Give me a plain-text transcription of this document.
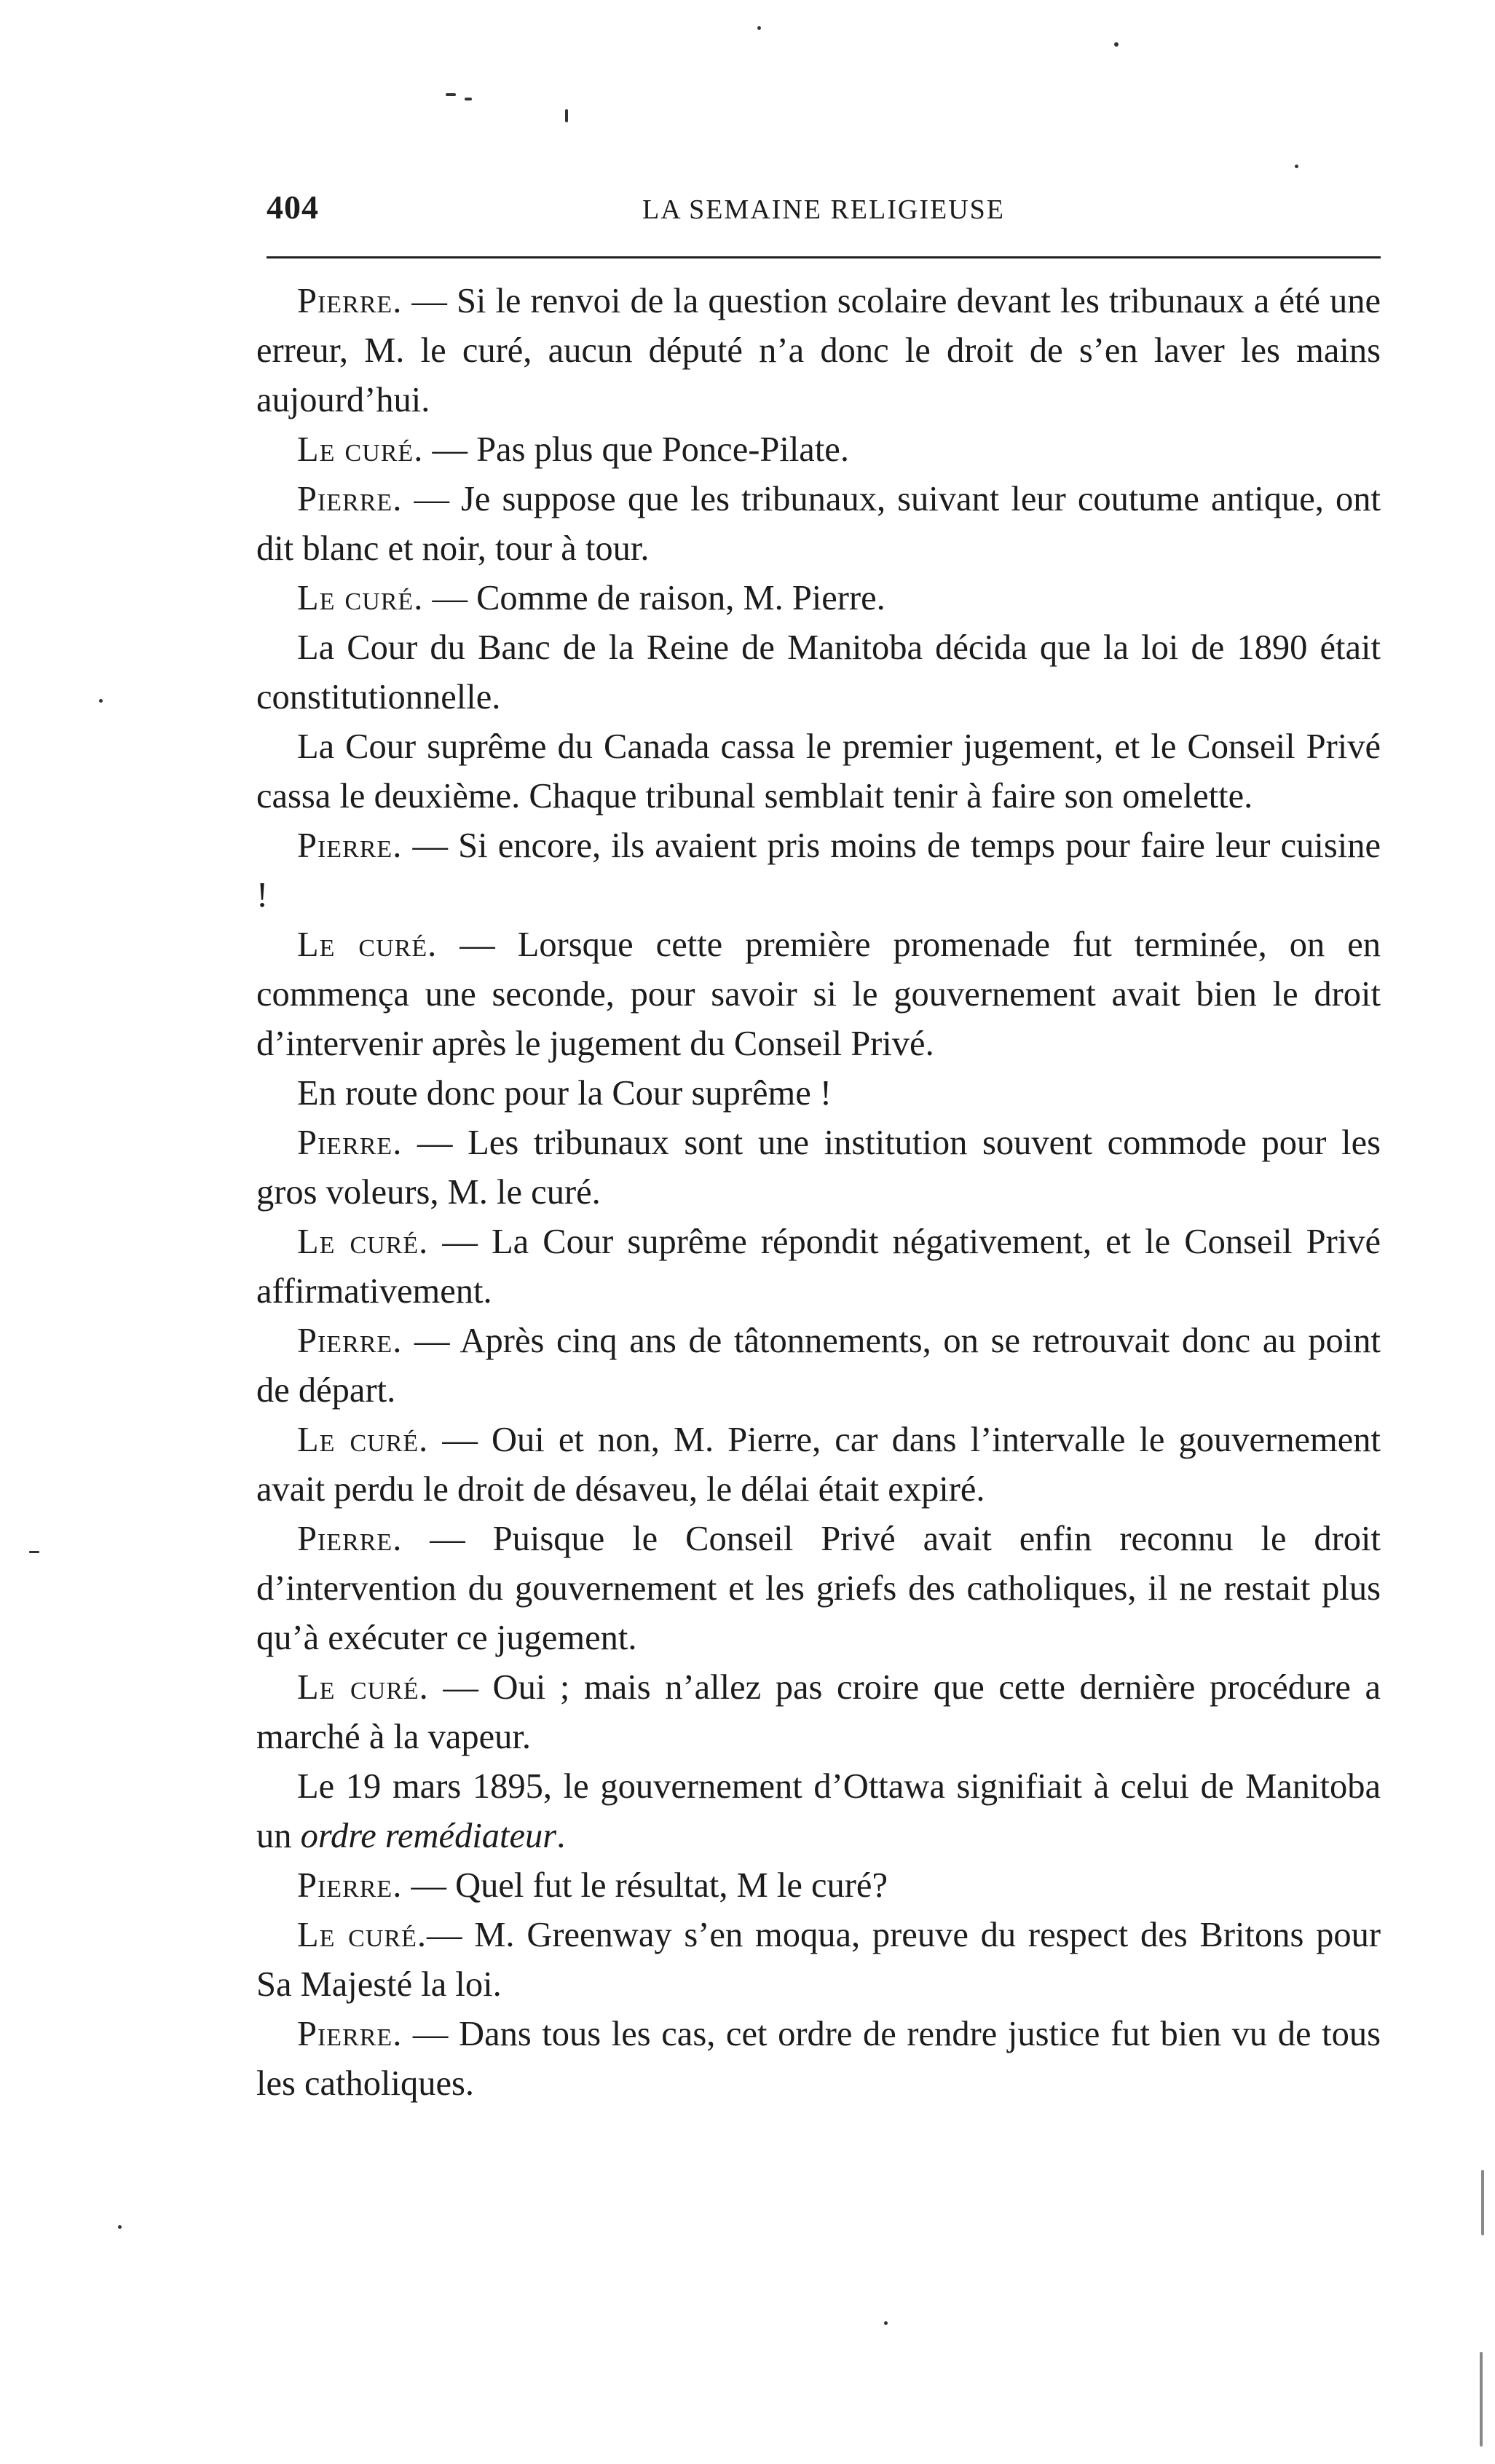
404	LA SEMAINE RELIGIEUSE

Pierre. — Si le renvoi de la question scolaire devant les tribunaux a été une erreur, M. le curé, aucun député n’a donc le droit de s’en laver les mains aujourd’hui.

Le curé. — Pas plus que Ponce-Pilate.

Pierre. — Je suppose que les tribunaux, suivant leur coutume antique, ont dit blanc et noir, tour à tour.

Le curé. — Comme de raison, M. Pierre.

La Cour du Banc de la Reine de Manitoba décida que la loi de 1890 était constitutionnelle.

La Cour suprême du Canada cassa le premier jugement, et le Conseil Privé cassa le deuxième. Chaque tribunal semblait tenir à faire son omelette.

Pierre. — Si encore, ils avaient pris moins de temps pour faire leur cuisine !

Le curé. — Lorsque cette première promenade fut terminée, on en commença une seconde, pour savoir si le gouvernement avait bien le droit d’intervenir après le jugement du Conseil Privé.

En route donc pour la Cour suprême !

Pierre. — Les tribunaux sont une institution souvent commode pour les gros voleurs, M. le curé.

Le curé. — La Cour suprême répondit négativement, et le Conseil Privé affirmativement.

Pierre. — Après cinq ans de tâtonnements, on se retrouvait donc au point de départ.

Le curé. — Oui et non, M. Pierre, car dans l’intervalle le gouvernement avait perdu le droit de désaveu, le délai était expiré.

Pierre. — Puisque le Conseil Privé avait enfin reconnu le droit d’intervention du gouvernement et les griefs des catholiques, il ne restait plus qu’à exécuter ce jugement.

Le curé. — Oui ; mais n’allez pas croire que cette dernière procédure a marché à la vapeur.

Le 19 mars 1895, le gouvernement d’Ottawa signifiait à celui de Manitoba un ordre remédiateur.

Pierre. — Quel fut le résultat, M le curé?

Le curé.— M. Greenway s’en moqua, preuve du respect des Britons pour Sa Majesté la loi.

Pierre. — Dans tous les cas, cet ordre de rendre justice fut bien vu de tous les catholiques.
